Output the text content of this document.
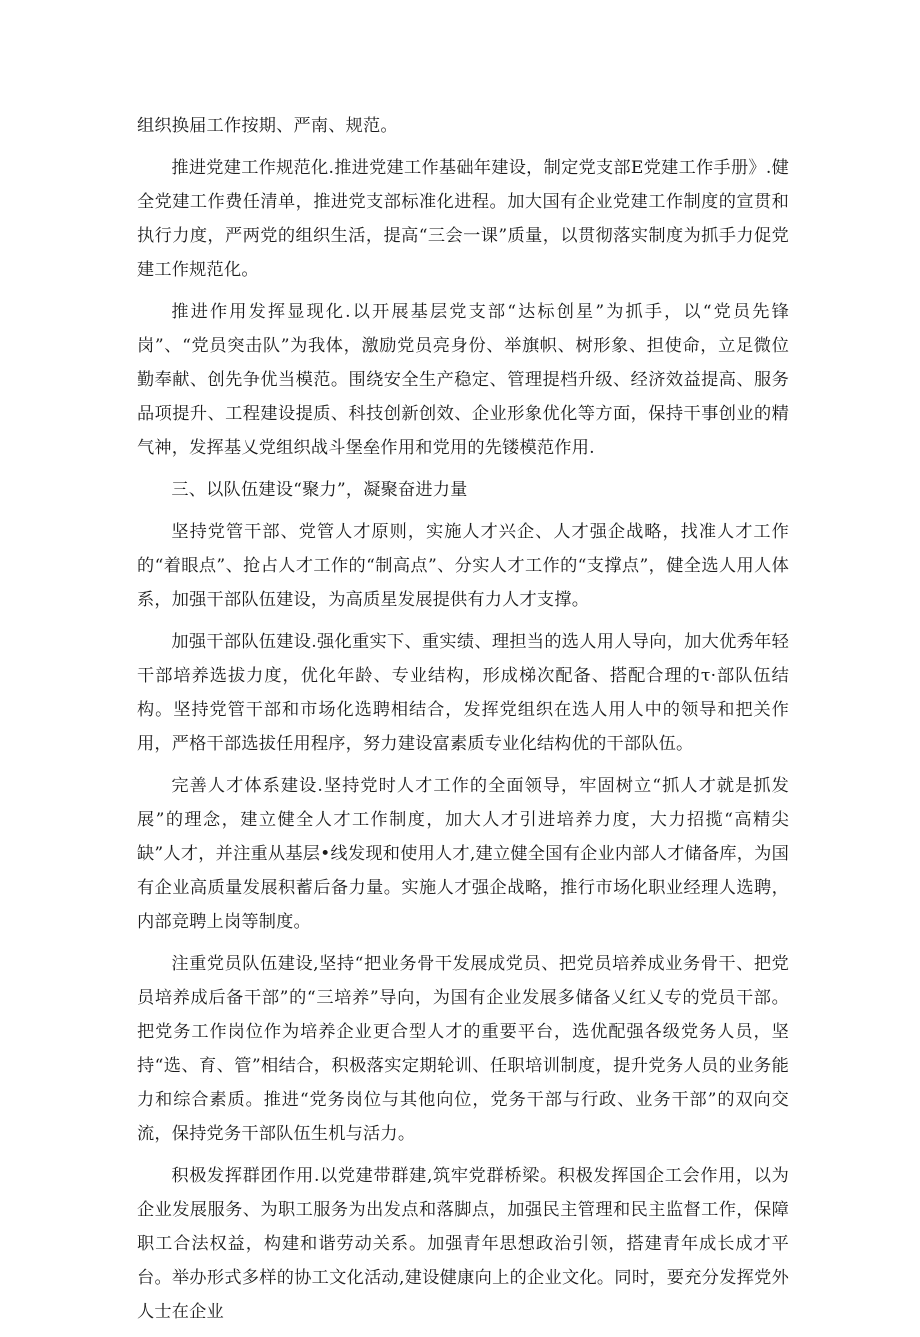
组织换届工作按期、严南、规范。

推进党建工作规范化.推进党建工作基础年建设，制定党支部E党建工作手册》.健全党建工作费任清单，推进党支部标准化进程。加大国有企业党建工作制度的宣贯和执行力度，严两党的组织生活，提高“三会一课”质量，以贯彻落实制度为抓手力促党建工作规范化。

推进作用发挥显现化.以开展基层党支部“达标创星”为抓手，以“党员先锋岗”、“党员突击队”为我体，激励党员亮身份、举旗帜、树形象、担使命，立足微位勤奉献、创先争优当模范。围绕安全生产稳定、管理提档升级、经济效益提高、服务品项提升、工程建设提质、科技创新创效、企业形象优化等方面，保持干事创业的精气神，发挥基乂党组织战斗堡垒作用和党用的先镂模范作用.

三、以队伍建设“聚力”，凝聚奋进力量

坚持党管干部、党管人才原则，实施人才兴企、人才强企战略，找准人才工作的“着眼点”、抢占人才工作的“制高点”、分实人才工作的“支撑点”，健全选人用人体系，加强干部队伍建设，为高质星发展提供有力人才支撑。

加强干部队伍建设.强化重实下、重实绩、理担当的选人用人导向，加大优秀年轻干部培养选拔力度，优化年龄、专业结构，形成梯次配备、搭配合理的τ·部队伍结构。坚持党管干部和市场化选聘相结合，发挥党组织在选人用人中的领导和把关作用，严格干部选拔任用程序，努力建设富素质专业化结构优的干部队伍。

完善人才体系建设.坚持党时人才工作的全面领导，牢固树立“抓人才就是抓发展”的理念，建立健全人才工作制度，加大人才引进培养力度，大力招揽“高精尖缺”人才，并注重从基层•线发现和使用人才,建立健全国有企业内部人才储备库，为国有企业高质量发展积蓄后备力量。实施人才强企战略，推行市场化职业经理人选聘，内部竞聘上岗等制度。

注重党员队伍建设,坚持“把业务骨干发展成党员、把党员培养成业务骨干、把党员培养成后备干部”的“三培养”导向，为国有企业发展多储备乂红乂专的党员干部。把党务工作岗位作为培养企业更合型人才的重要平台，选优配强各级党务人员，坚持“选、育、管”相结合，积极落实定期轮训、任职培训制度，提升党务人员的业务能力和综合素质。推进“党务岗位与其他向位，党务干部与行政、业务干部”的双向交流，保持党务干部队伍生机与活力。

积极发挥群团作用.以党建带群建,筑牢党群桥梁。积极发挥国企工会作用，以为企业发展服务、为职工服务为出发点和落脚点，加强民主管理和民主监督工作，保障职工合法权益，构建和谐劳动关系。加强青年思想政治引领，搭建青年成长成才平台。举办形式多样的协工文化活动,建设健康向上的企业文化。同时，要充分发挥党外人士在企业
